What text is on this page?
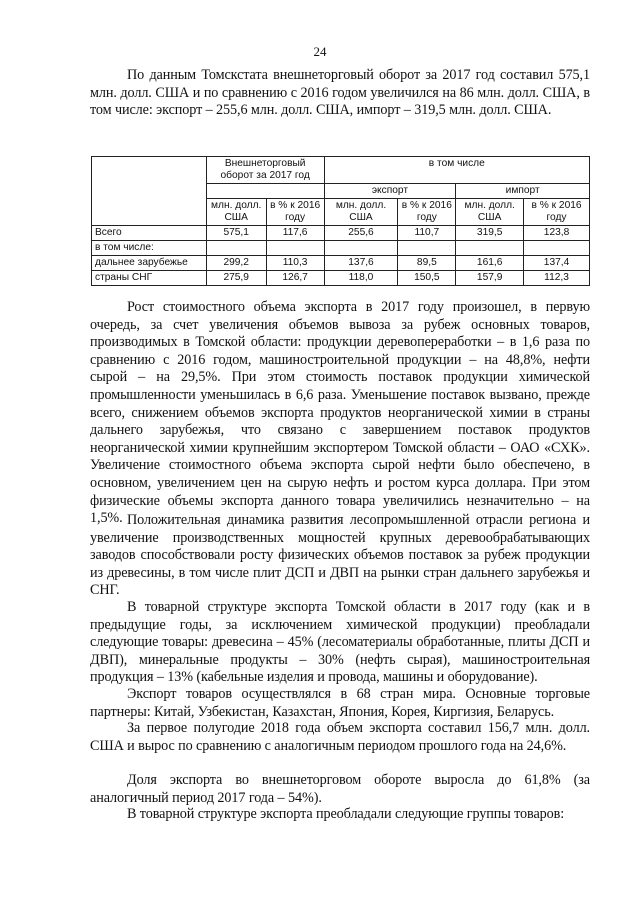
24

По данным Томскстата внешнеторговый оборот за 2017 год составил 575,1 млн. долл. США и по сравнению с 2016 годом увеличился на 86 млн. долл. США, в том числе: экспорт – 255,6 млн. долл. США, импорт – 319,5 млн. долл. США.

	Внешнеторговый оборот за 2017 год		в том числе			
			экспорт		импорт	
	млн. долл. США	в % к 2016 году	млн. долл. США	в % к 2016 году	млн. долл. США	в % к 2016 году
Всего	575,1	117,6	255,6	110,7	319,5	123,8
в том числе:						
дальнее зарубежье	299,2	110,3	137,6	89,5	161,6	137,4
страны СНГ	275,9	126,7	118,0	150,5	157,9	112,3

Рост стоимостного объема экспорта в 2017 году произошел, в первую очередь, за счет увеличения объемов вывоза за рубеж основных товаров, производимых в Томской области: продукции деревопереработки – в 1,6 раза по сравнению с 2016 годом, машиностроительной продукции – на 48,8%, нефти сырой – на 29,5%. При этом стоимость поставок продукции химической промышленности уменьшилась в 6,6 раза. Уменьшение поставок вызвано, прежде всего, снижением объемов экспорта продуктов неорганической химии в страны дальнего зарубежья, что связано с завершением поставок продуктов неорганической химии крупнейшим экспортером Томской области – ОАО «СХК». Увеличение стоимостного объема экспорта сырой нефти было обеспечено, в основном, увеличением цен на сырую нефть и ростом курса доллара. При этом физические объемы экспорта данного товара увеличились незначительно – на 1,5%. Положительная динамика развития лесопромышленной отрасли региона и увеличение производственных мощностей крупных деревообрабатывающих заводов способствовали росту физических объемов поставок за рубеж продукции из древесины, в том числе плит ДСП и ДВП на рынки стран дальнего зарубежья и СНГ.

В товарной структуре экспорта Томской области в 2017 году (как и в предыдущие годы, за исключением химической продукции) преобладали следующие товары: древесина – 45% (лесоматериалы обработанные, плиты ДСП и ДВП), минеральные продукты – 30% (нефть сырая), машиностроительная продукция – 13% (кабельные изделия и провода, машины и оборудование).

Экспорт товаров осуществлялся в 68 стран мира. Основные торговые партнеры: Китай, Узбекистан, Казахстан, Япония, Корея, Киргизия, Беларусь.

За первое полугодие 2018 года объем экспорта составил 156,7 млн. долл. США и вырос по сравнению с аналогичным периодом прошлого года на 24,6%.

Доля экспорта во внешнеторговом обороте выросла до 61,8% (за аналогичный период 2017 года – 54%).

В товарной структуре экспорта преобладали следующие группы товаров:
